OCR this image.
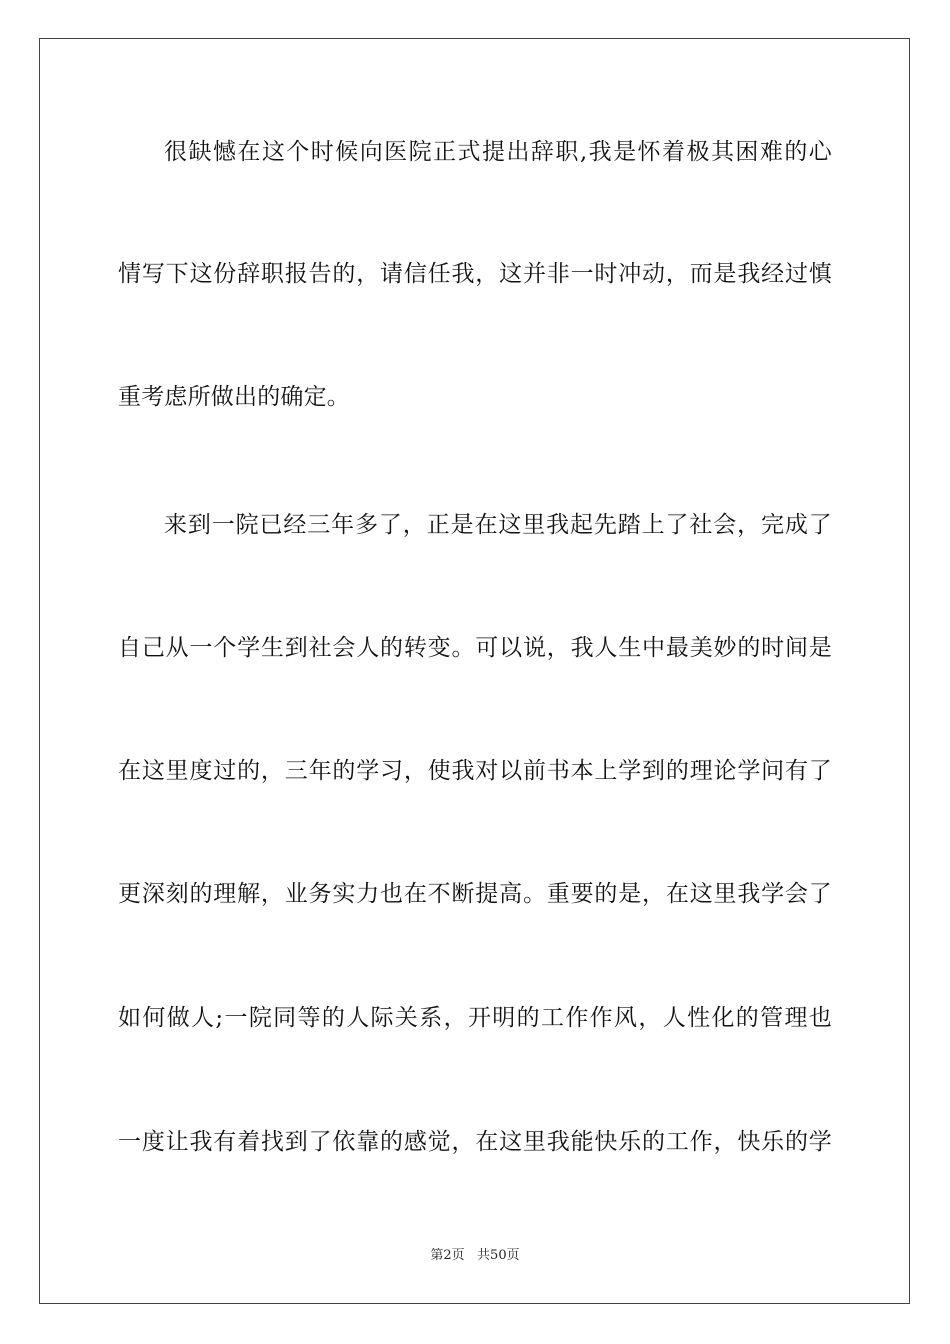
很缺憾在这个时候向医院正式提出辞职,我是怀着极其困难的心
情写下这份辞职报告的，请信任我，这并非一时冲动，而是我经过慎
重考虑所做出的确定。
来到一院已经三年多了，正是在这里我起先踏上了社会，完成了
自己从一个学生到社会人的转变。可以说，我人生中最美妙的时间是
在这里度过的，三年的学习，使我对以前书本上学到的理论学问有了
更深刻的理解，业务实力也在不断提高。重要的是，在这里我学会了
如何做人;一院同等的人际关系，开明的工作作风，人性化的管理也
一度让我有着找到了依靠的感觉，在这里我能快乐的工作，快乐的学
第2页   共50页
